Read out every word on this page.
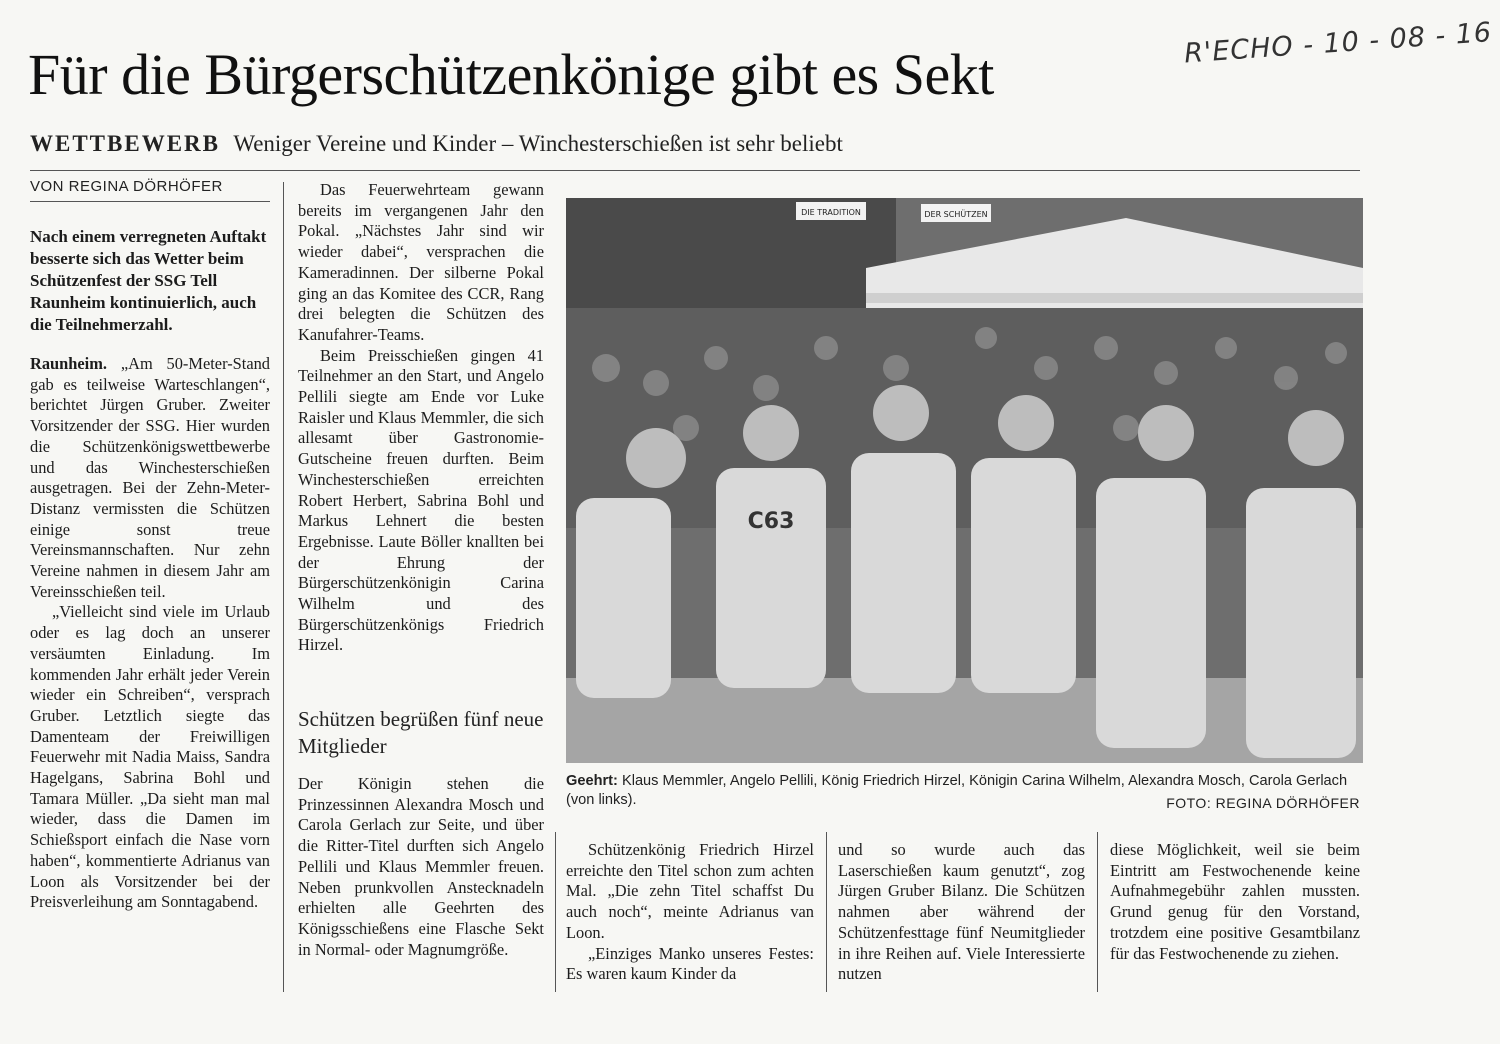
Für die Bürgerschützenkönige gibt es Sekt	R'ECHO - 10 - 08 - 16
WETTBEWERB Weniger Vereine und Kinder – Winchesterschießen ist sehr beliebt
VON REGINA DÖRHÖFER

Nach einem verregneten Auftakt besserte sich das Wetter beim Schützenfest der SSG Tell Raunheim kontinuierlich, auch die Teilnehmerzahl.

Raunheim. „Am 50-Meter-Stand gab es teilweise Warteschlangen“, berichtet Jürgen Gruber. Zweiter Vorsitzender der SSG. Hier wurden die Schützenkönigswettbewerbe und das Winchesterschießen ausgetragen. Bei der Zehn-Meter-Distanz vermissten die Schützen einige sonst treue Vereinsmannschaften. Nur zehn Vereine nahmen in diesem Jahr am Vereinsschießen teil.

„Vielleicht sind viele im Urlaub oder es lag doch an unserer versäumten Einladung. Im kommenden Jahr erhält jeder Verein wieder ein Schreiben“, versprach Gruber. Letztlich siegte das Damenteam der Freiwilligen Feuerwehr mit Nadia Maiss, Sandra Hagelgans, Sabrina Bohl und Tamara Müller. „Da sieht man mal wieder, dass die Damen im Schießsport einfach die Nase vorn haben“, kommentierte Adrianus van Loon als Vorsitzender bei der Preisverleihung am Sonntagabend.

Das Feuerwehrteam gewann bereits im vergangenen Jahr den Pokal. „Nächstes Jahr sind wir wieder dabei“, versprachen die Kameradinnen. Der silberne Pokal ging an das Komitee des CCR, Rang drei belegten die Schützen des Kanufahrer-Teams.

Beim Preisschießen gingen 41 Teilnehmer an den Start, und Angelo Pellili siegte am Ende vor Luke Raisler und Klaus Memmler, die sich allesamt über Gastronomie-Gutscheine freuen durften. Beim Winchesterschießen erreichten Robert Herbert, Sabrina Bohl und Markus Lehnert die besten Ergebnisse. Laute Böller knallten bei der Ehrung der Bürgerschützenkönigin Carina Wilhelm und des Bürgerschützenkönigs Friedrich Hirzel.

Schützen begrüßen fünf neue Mitglieder

Der Königin stehen die Prinzessinnen Alexandra Mosch und Carola Gerlach zur Seite, und über die Ritter-Titel durften sich Angelo Pellili und Klaus Memmler freuen. Neben prunkvollen Anstecknadeln erhielten alle Geehrten des Königsschießens eine Flasche Sekt in Normal- oder Magnumgröße.

DIE TRADITION	DER SCHÜTZEN
C63
Geehrt: Klaus Memmler, Angelo Pellili, König Friedrich Hirzel, Königin Carina Wilhelm, Alexandra Mosch, Carola Gerlach (von links).	FOTO: REGINA DÖRHÖFER

Schützenkönig Friedrich Hirzel erreichte den Titel schon zum achten Mal. „Die zehn Titel schaffst Du auch noch“, meinte Adrianus van Loon.

„Einziges Manko unseres Festes: Es waren kaum Kinder da

und so wurde auch das Laserschießen kaum genutzt“, zog Jürgen Gruber Bilanz. Die Schützen nahmen aber während der Schützenfesttage fünf Neumitglieder in ihre Reihen auf. Viele Interessierte nutzen

diese Möglichkeit, weil sie beim Eintritt am Festwochenende keine Aufnahmegebühr zahlen mussten. Grund genug für den Vorstand, trotzdem eine positive Gesamtbilanz für das Festwochenende zu ziehen.
